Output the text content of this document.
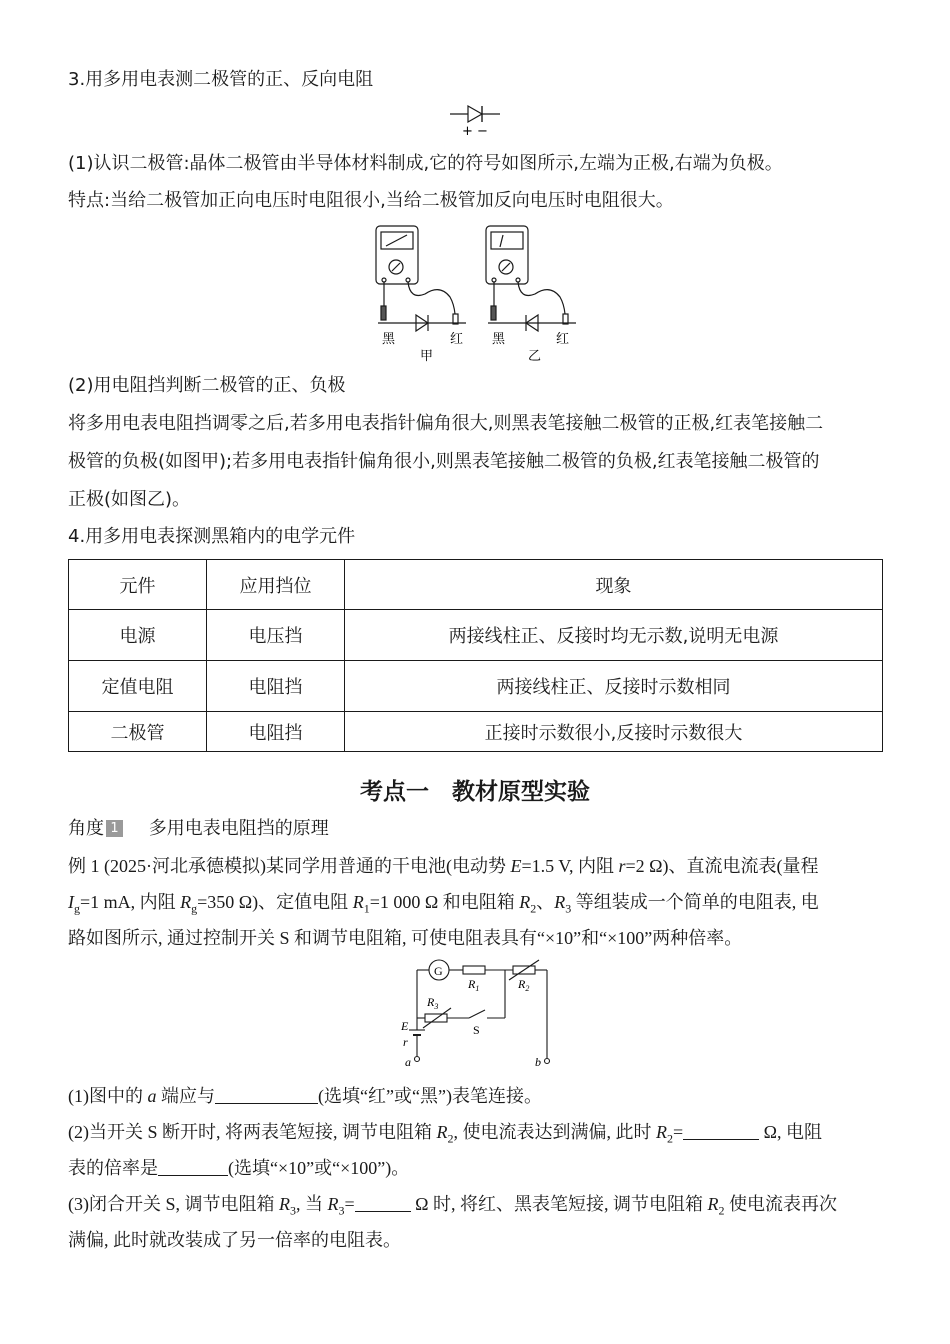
3.用多用电表测二极管的正、反向电阻
+ −
(1)认识二极管:晶体二极管由半导体材料制成,它的符号如图所示,左端为正极,右端为负极。
特点:当给二极管加正向电压时电阻很小,当给二极管加反向电压时电阻很大。
黑	红 黑	红
甲	乙
(2)用电阻挡判断二极管的正、负极
将多用电表电阻挡调零之后,若多用电表指针偏角很大,则黑表笔接触二极管的正极,红表笔接触二
极管的负极(如图甲);若多用电表指针偏角很小,则黑表笔接触二极管的负极,红表笔接触二极管的
正极(如图乙)。
4.用多用电表探测黑箱内的电学元件
元件	应用挡位	现象
电源	电压挡	两接线柱正、反接时均无示数,说明无电源
定值电阻	电阻挡	两接线柱正、反接时示数相同
二极管	电阻挡	正接时示数很小,反接时示数很大
考点一　教材原型实验
角度 1 多用电表电阻挡的原理
例 1 (2025·河北承德模拟)某同学用普通的干电池(电动势 E=1.5 V, 内阻 r=2 Ω)、直流电流表(量程
$I_g=1$ mA, 内阻 $R_g=350$ Ω)、定值电阻 $R_1=1$ 000 Ω 和电阻箱 $R_2$、$R_3$ 等组装成一个简单的电阻表, 电
路如图所示, 通过控制开关 S 和调节电阻箱, 可使电阻表具有“×10”和“×100”两种倍率。
G
$R_1$	$R_2$
$R_3$
S
E
r
a	b
(1)图中的 a 端应与	(选填“红”或“黑”)表笔连接。
(2)当开关 S 断开时, 将两表笔短接, 调节电阻箱 $R_2$, 使电流表达到满偏, 此时 $R_2=$	Ω, 电阻
表的倍率是	(选填“×10”或“×100”)。
(3)闭合开关 S, 调节电阻箱 $R_3$, 当 $R_3=$	Ω 时, 将红、黑表笔短接, 调节电阻箱 $R_2$ 使电流表再次
满偏, 此时就改装成了另一倍率的电阻表。
